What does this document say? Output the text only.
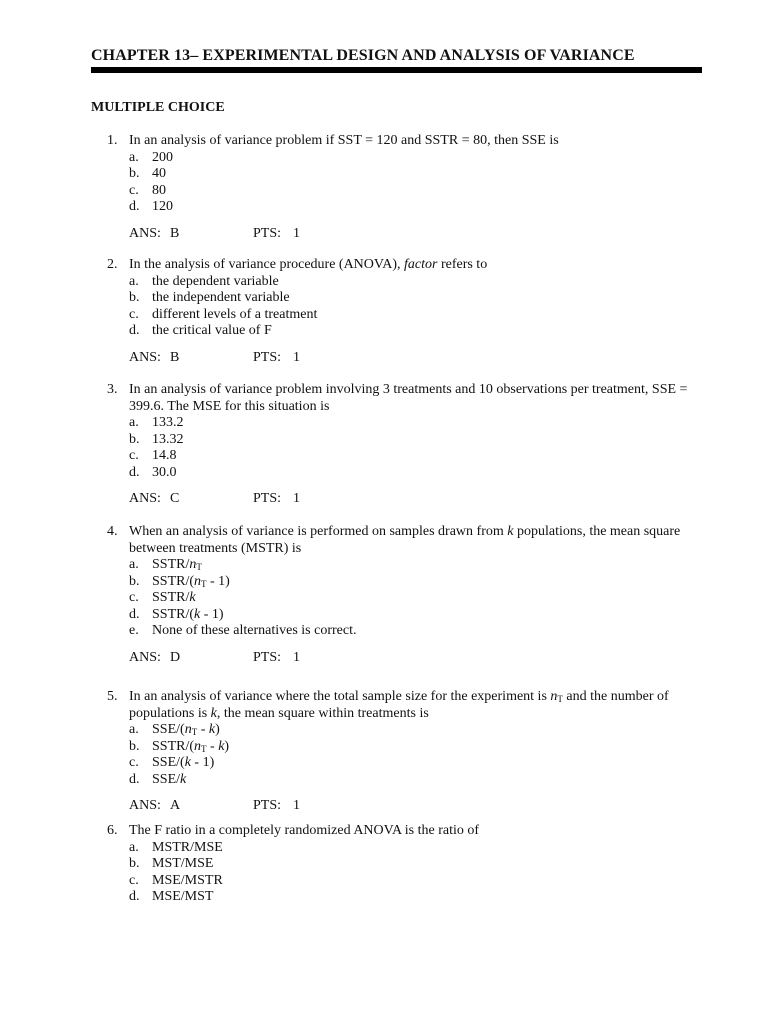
CHAPTER 13– EXPERIMENTAL DESIGN AND ANALYSIS OF VARIANCE
MULTIPLE CHOICE
1. In an analysis of variance problem if SST = 120 and SSTR = 80, then SSE is
a. 200
b. 40
c. 80
d. 120
ANS: B	PTS: 1
2. In the analysis of variance procedure (ANOVA), factor refers to
a. the dependent variable
b. the independent variable
c. different levels of a treatment
d. the critical value of F
ANS: B	PTS: 1
3. In an analysis of variance problem involving 3 treatments and 10 observations per treatment, SSE =
399.6. The MSE for this situation is
a. 133.2
b. 13.32
c. 14.8
d. 30.0
ANS: C	PTS: 1
4. When an analysis of variance is performed on samples drawn from k populations, the mean square
between treatments (MSTR) is
a. SSTR/$n_T$
b. SSTR/$(n_T - 1)$
c. SSTR/k
d. SSTR/(k - 1)
e. None of these alternatives is correct.
ANS: D	PTS: 1
5. In an analysis of variance where the total sample size for the experiment is $n_T$ and the number of
populations is k, the mean square within treatments is
a. SSE/$(n_T - k)$
b. SSTR/$(n_T - k)$
c. SSE/(k - 1)
d. SSE/k
ANS: A	PTS: 1
6. The F ratio in a completely randomized ANOVA is the ratio of
a. MSTR/MSE
b. MST/MSE
c. MSE/MSTR
d. MSE/MST
